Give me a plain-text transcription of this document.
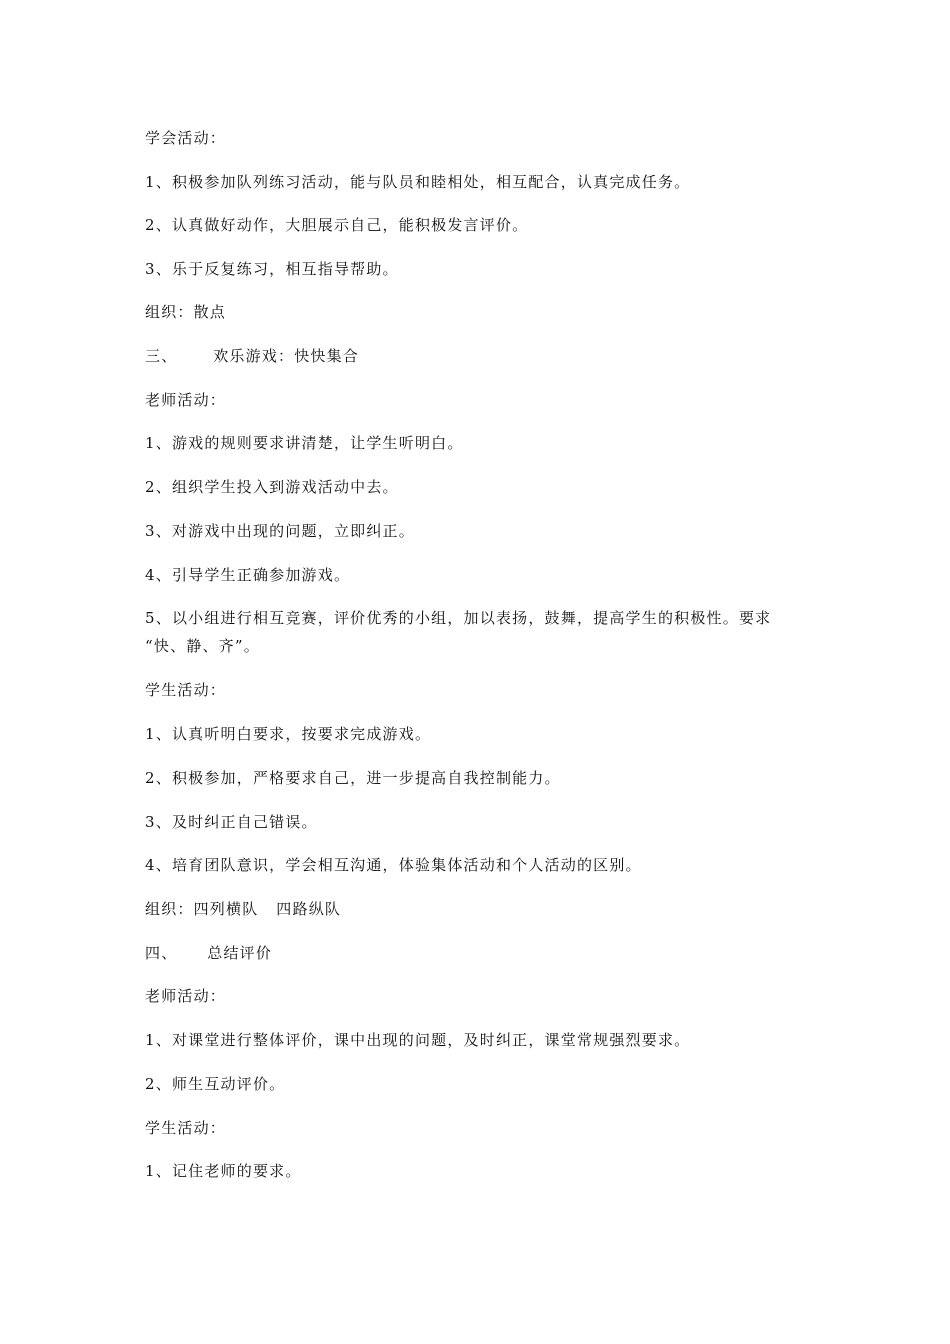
学会活动：
1、积极参加队列练习活动，能与队员和睦相处，相互配合，认真完成任务。
2、认真做好动作，大胆展示自己，能积极发言评价。
3、乐于反复练习，相互指导帮助。
组织：散点
三、      欢乐游戏：快快集合
老师活动：
1、游戏的规则要求讲清楚，让学生听明白。
2、组织学生投入到游戏活动中去。
3、对游戏中出现的问题，立即纠正。
4、引导学生正确参加游戏。
5、以小组进行相互竞赛，评价优秀的小组，加以表扬，鼓舞，提高学生的积极性。要求
“快、静、齐”。
学生活动：
1、认真听明白要求，按要求完成游戏。
2、积极参加，严格要求自己，进一步提高自我控制能力。
3、及时纠正自己错误。
4、培育团队意识，学会相互沟通，体验集体活动和个人活动的区别。
组织：四列横队   四路纵队
四、     总结评价
老师活动：
1、对课堂进行整体评价，课中出现的问题，及时纠正，课堂常规强烈要求。
2、师生互动评价。
学生活动：
1、记住老师的要求。
